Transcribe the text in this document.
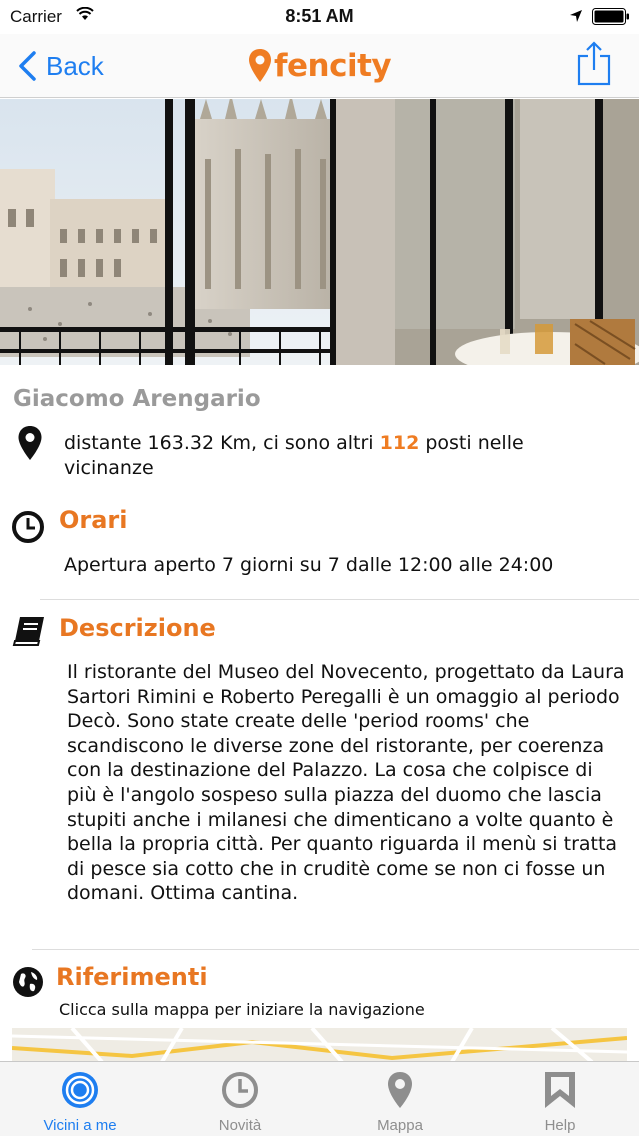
Carrier	8:51 AM
Back	fencity
Giacomo Arengario
distante 163.32 Km, ci sono altri 112 posti nelle
vicinanze
Orari
Apertura aperto 7 giorni su 7 dalle 12:00 alle 24:00
Descrizione
Il ristorante del Museo del Novecento, progettato da Laura Sartori Rimini e Roberto Peregalli è un omaggio al periodo Decò. Sono state create delle 'period rooms' che scandiscono le diverse zone del ristorante, per coerenza con la destinazione del Palazzo. La cosa che colpisce di più è l'angolo sospeso sulla piazza del duomo che lascia stupiti anche i milanesi che dimenticano a volte quanto è bella la propria città. Per quanto riguarda il menù si tratta di pesce sia cotto che in cruditè come se non ci fosse un domani. Ottima cantina.
Riferimenti
Clicca sulla mappa per iniziare la navigazione
Vicini a me	Novità	Mappa	Help
